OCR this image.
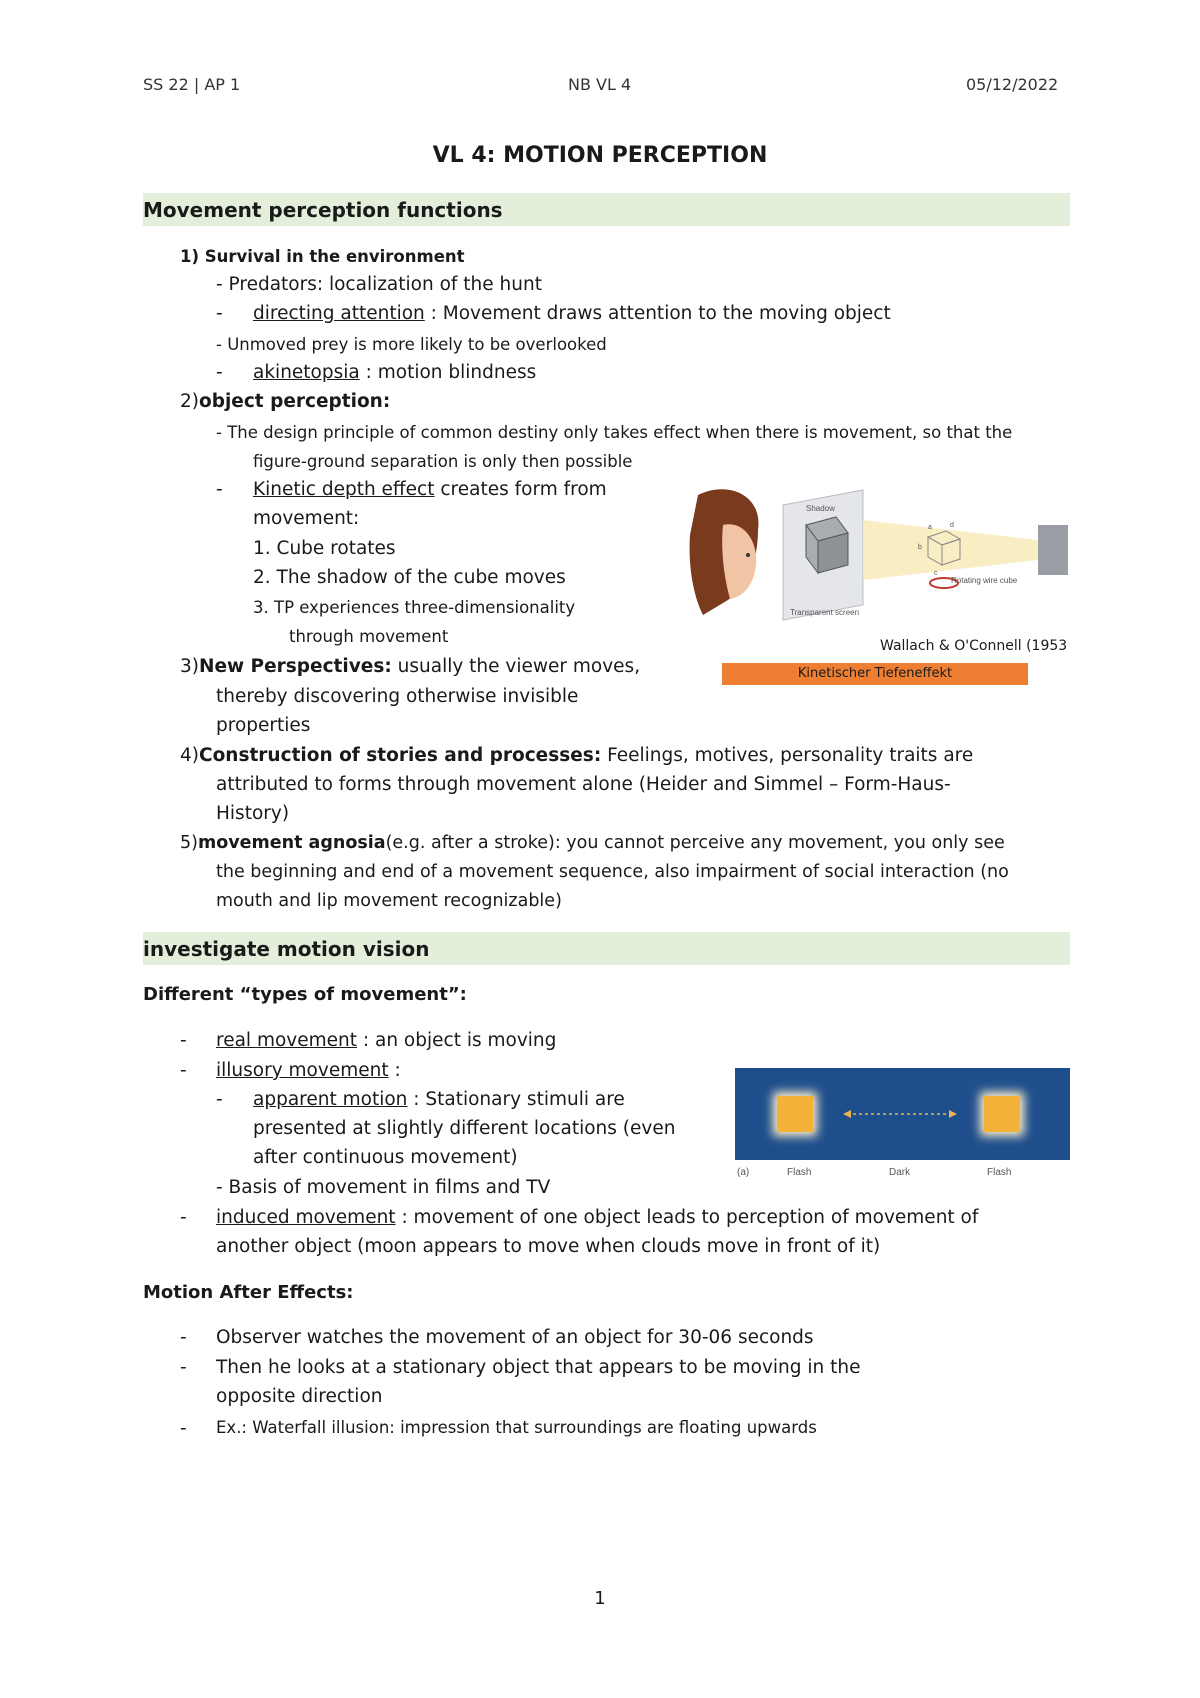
SS 22 | AP 1	NB VL 4	05/12/2022
VL 4: MOTION PERCEPTION
Movement perception functions
1) Survival in the environment
- Predators: localization of the hunt
- directing attention : Movement draws attention to the moving object
- Unmoved prey is more likely to be overlooked
- akinetopsia : motion blindness
2)object perception:
- The design principle of common destiny only takes effect when there is movement, so that the
figure-ground separation is only then possible
- Kinetic depth effect creates form from
movement:
1. Cube rotates
2. The shadow of the cube moves
3. TP experiences three-dimensionality
through movement
3)New Perspectives: usually the viewer moves,
thereby discovering otherwise invisible
properties
4)Construction of stories and processes: Feelings, motives, personality traits are
attributed to forms through movement alone (Heider and Simmel – Form-Haus-
History)
5)movement agnosia(e.g. after a stroke): you cannot perceive any movement, you only see
the beginning and end of a movement sequence, also impairment of social interaction (no
mouth and lip movement recognizable)
Shadow
Transparent screen
Rotating wire cube
a
b
c
d
Wallach & O'Connell (1953
Kinetischer Tiefeneffekt
investigate motion vision
Different “types of movement”:
- real movement : an object is moving
- illusory movement :
- apparent motion : Stationary stimuli are
presented at slightly different locations (even
after continuous movement)
- Basis of movement in films and TV
- induced movement : movement of one object leads to perception of movement of
another object (moon appears to move when clouds move in front of it)
(a)	Flash	Dark	Flash
Motion After Effects:
- Observer watches the movement of an object for 30-06 seconds
- Then he looks at a stationary object that appears to be moving in the
opposite direction
- Ex.: Waterfall illusion: impression that surroundings are floating upwards
1
